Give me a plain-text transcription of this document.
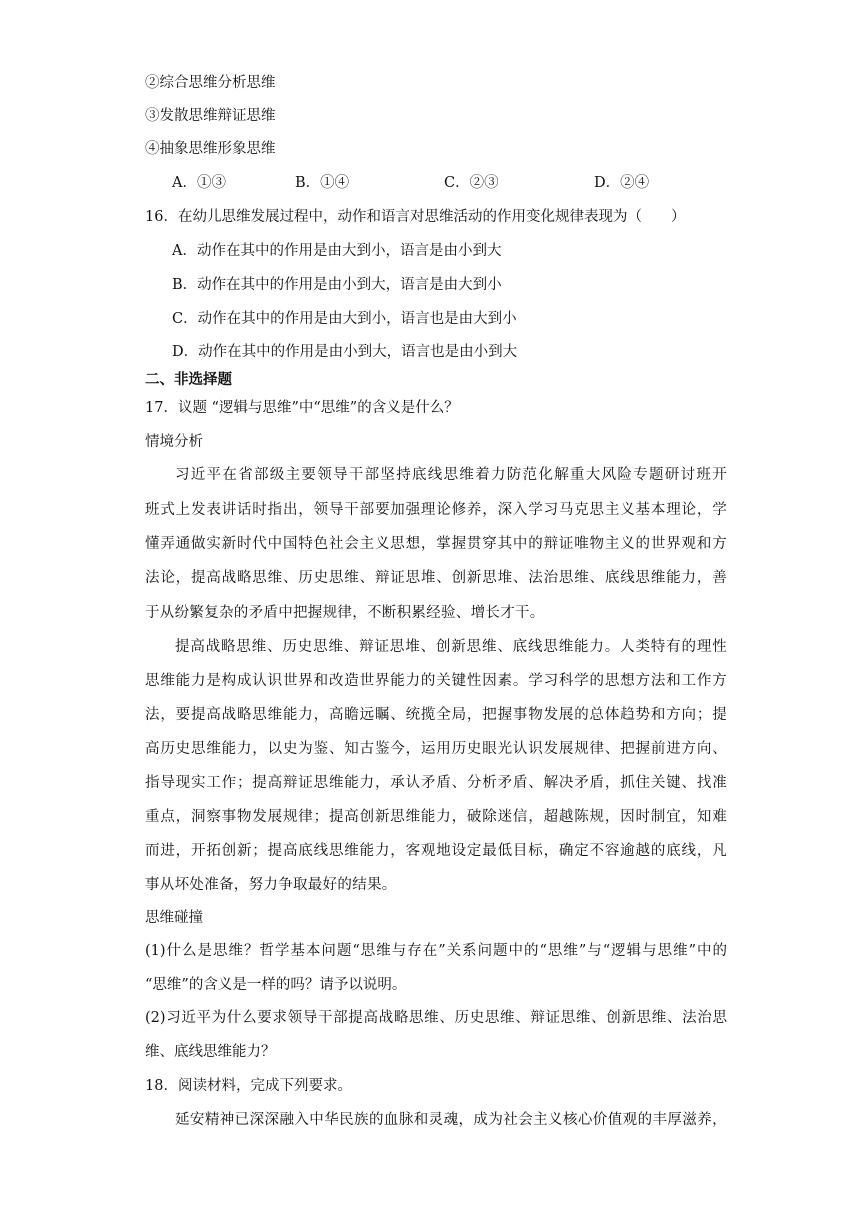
②综合思维分析思维
③发散思维辩证思维
④抽象思维形象思维
A．①③	B．①④	C．②③	D．②④
16．在幼儿思维发展过程中，动作和语言对思维活动的作用变化规律表现为（　　）
A．动作在其中的作用是由大到小，语言是由小到大
B．动作在其中的作用是由小到大，语言是由大到小
C．动作在其中的作用是由大到小，语言也是由大到小
D．动作在其中的作用是由小到大，语言也是由小到大
二、非选择题
17．议题 “逻辑与思维”中“思维”的含义是什么？
情境分析
习近平在省部级主要领导干部坚持底线思维着力防范化解重大风险专题研讨班开
班式上发表讲话时指出，领导干部要加强理论修养，深入学习马克思主义基本理论，学
懂弄通做实新时代中国特色社会主义思想，掌握贯穿其中的辩证唯物主义的世界观和方
法论，提高战略思维、历史思维、辩证思堆、创新思堆、法治思维、底线思维能力，善
于从纷繁复杂的矛盾中把握规律，不断积累经验、增长才干。
提高战略思维、历史思维、辩证思堆、创新思维、底线思维能力。人类特有的理性
思维能力是构成认识世界和改造世界能力的关键性因素。学习科学的思想方法和工作方
法，要提高战略思维能力，高瞻远瞩、统揽全局，把握事物发展的总体趋势和方向；提
高历史思维能力，以史为鉴、知古鉴今，运用历史眼光认识发展规律、把握前进方向、
指导现实工作；提高辩证思维能力，承认矛盾、分析矛盾、解决矛盾，抓住关键、找准
重点，洞察事物发展规律；提高创新思维能力，破除迷信，超越陈规，因时制宜，知难
而进，开拓创新；提高底线思维能力，客观地设定最低目标，确定不容逾越的底线，凡
事从坏处准备，努力争取最好的结果。
思维碰撞
(1)什么是思维？哲学基本问题“思维与存在”关系问题中的“思维”与“逻辑与思维”中的
“思维”的含义是一样的吗？请予以说明。
(2)习近平为什么要求领导干部提高战略思维、历史思维、辩证思维、创新思维、法治思
维、底线思维能力？
18．阅读材料，完成下列要求。
延安精神已深深融入中华民族的血脉和灵魂，成为社会主义核心价值观的丰厚滋养，
